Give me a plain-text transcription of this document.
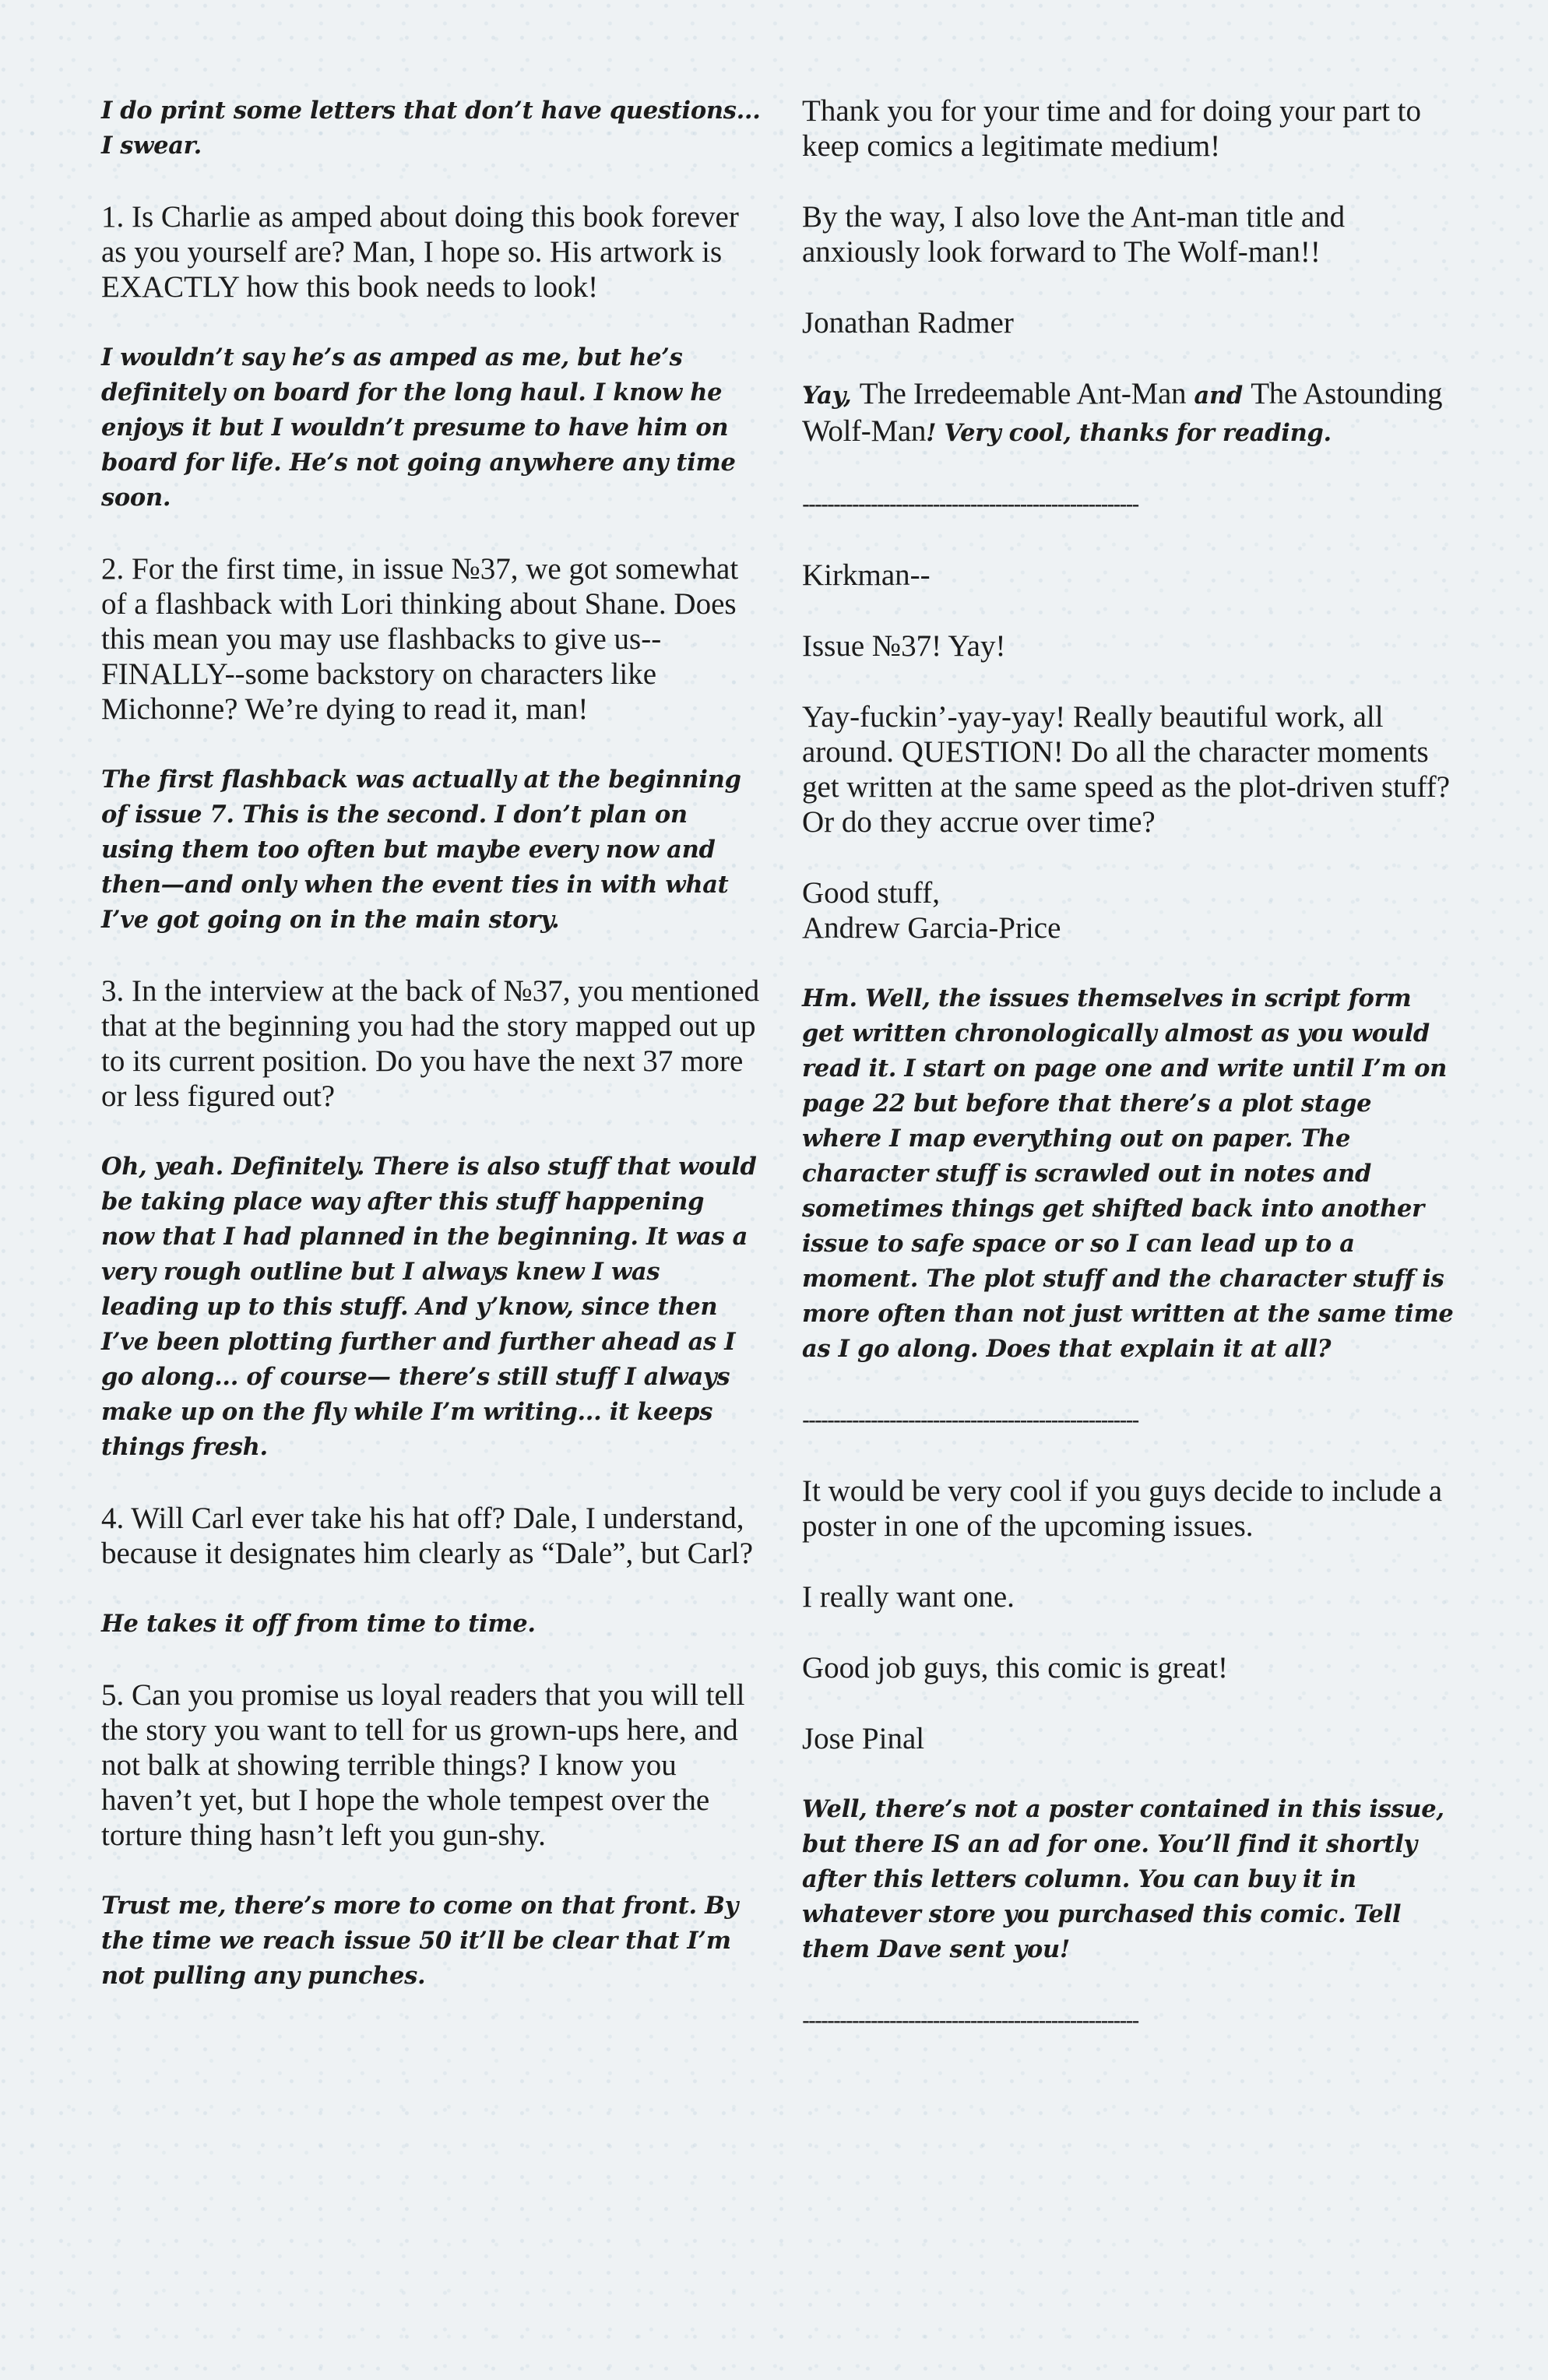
I do print some letters that don’t have questions... I swear.

1. Is Charlie as amped about doing this book forever as you yourself are? Man, I hope so. His artwork is EXACTLY how this book needs to look!

I wouldn’t say he’s as amped as me, but he’s definitely on board for the long haul. I know he enjoys it but I wouldn’t presume to have him on board for life. He’s not going anywhere any time soon.

2. For the first time, in issue №37, we got somewhat of a flashback with Lori thinking about Shane. Does this mean you may use flashbacks to give us--FINALLY--some backstory on characters like Michonne? We’re dying to read it, man!

The first flashback was actually at the beginning of issue 7. This is the second. I don’t plan on using them too often but maybe every now and then—and only when the event ties in with what I’ve got going on in the main story.

3. In the interview at the back of №37, you mentioned that at the beginning you had the story mapped out up to its current position. Do you have the next 37 more or less figured out?

Oh, yeah. Definitely. There is also stuff that would be taking place way after this stuff happening now that I had planned in the beginning. It was a very rough outline but I always knew I was leading up to this stuff. And y’know, since then I’ve been plotting further and further ahead as I go along... of course— there’s still stuff I always make up on the fly while I’m writing... it keeps things fresh.

4. Will Carl ever take his hat off? Dale, I understand, because it designates him clearly as “Dale”, but Carl?

He takes it off from time to time.

5. Can you promise us loyal readers that you will tell the story you want to tell for us grown-ups here, and not balk at showing terrible things? I know you haven’t yet, but I hope the whole tempest over the torture thing hasn’t left you gun-shy.

Trust me, there’s more to come on that front. By the time we reach issue 50 it’ll be clear that I’m not pulling any punches.

Thank you for your time and for doing your part to keep comics a legitimate medium!

By the way, I also love the Ant-man title and anxiously look forward to The Wolf-man!!

Jonathan Radmer

Yay, The Irredeemable Ant-Man and The Astounding Wolf-Man! Very cool, thanks for reading.

------------------------------------------------------

Kirkman--

Issue №37! Yay!

Yay-fuckin’-yay-yay! Really beautiful work, all around. QUESTION! Do all the character moments get written at the same speed as the plot-driven stuff? Or do they accrue over time?

Good stuff,
Andrew Garcia-Price

Hm. Well, the issues themselves in script form get written chronologically almost as you would read it. I start on page one and write until I’m on page 22 but before that there’s a plot stage where I map everything out on paper. The character stuff is scrawled out in notes and sometimes things get shifted back into another issue to safe space or so I can lead up to a moment. The plot stuff and the character stuff is more often than not just written at the same time as I go along. Does that explain it at all?

------------------------------------------------------

It would be very cool if you guys decide to include a poster in one of the upcoming issues.

I really want one.

Good job guys, this comic is great!

Jose Pinal

Well, there’s not a poster contained in this issue, but there IS an ad for one. You’ll find it shortly after this letters column. You can buy it in whatever store you purchased this comic. Tell them Dave sent you!

------------------------------------------------------
